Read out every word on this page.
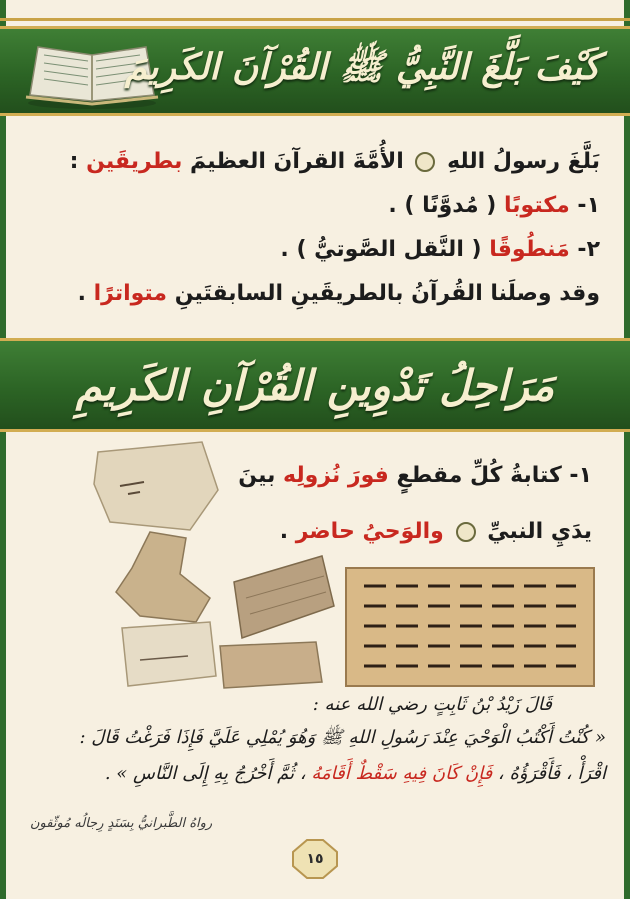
كَيْفَ بَلَّغَ النَّبِيُّ ﷺ القُرْآنَ الكَرِيمَ
بَلَّغَ رسولُ اللهِ  الأُمَّةَ القرآنَ العظيمَ بطريقَين :
١- مكتوبًا ( مُدوَّنًا ) .
٢- مَنطُوقًا ( النَّقل الصَّوتيُّ ) .
وقد وصلَنا القُرآنُ بالطريقَينِ السابقتَينِ متواترًا .
مَرَاحِلُ تَدْوِينِ القُرْآنِ الكَرِيمِ
١- كتابةُ كُلِّ مقطعٍ فورَ نُزولِه بينَ
يدَيِ النبيِّ  والوَحيُ حاضر .
قَالَ زَيْدُ بْنُ ثَابِتٍ رضي الله عنه :
« كُنْتُ أَكْتُبُ الْوَحْيَ عِنْدَ رَسُولِ اللهِ ﷺ وَهُوَ يُمْلِي عَلَيَّ فَإِذَا فَرَغْتُ قَالَ :
اقْرَأْ ، فَأَقْرَؤُهُ ، فَإِنْ كَانَ فِيهِ سَقْطٌ أَقَامَهُ ، ثُمَّ أَخْرُجُ بِهِ إِلَى النَّاسِ » .
رواهُ الطَّبرانيُّ بِسَنَدٍ رِجالُه مُوثّقون
١٥
